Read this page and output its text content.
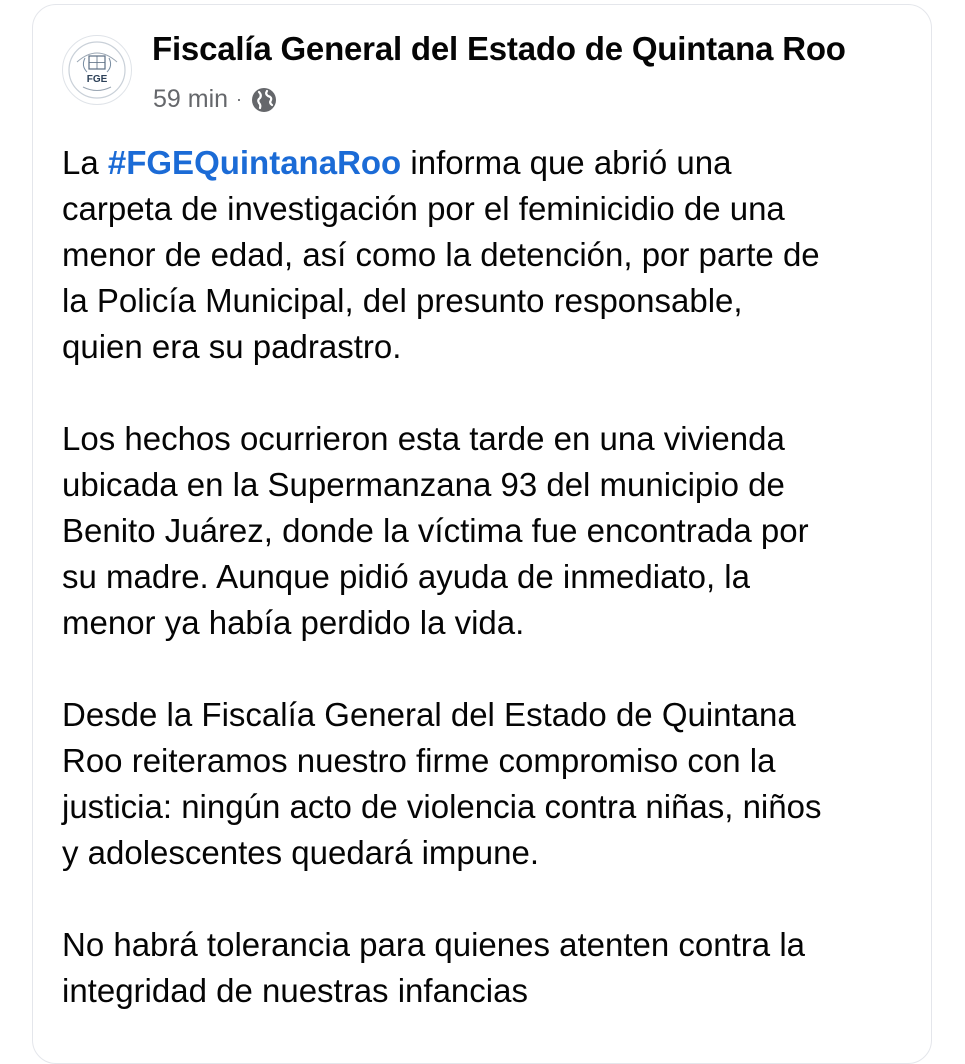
FGE
Fiscalía General del Estado de Quintana Roo
59 min ·

La #FGEQuintanaRoo informa que abrió una
carpeta de investigación por el feminicidio de una
menor de edad, así como la detención, por parte de
la Policía Municipal, del presunto responsable,
quien era su padrastro.

Los hechos ocurrieron esta tarde en una vivienda
ubicada en la Supermanzana 93 del municipio de
Benito Juárez, donde la víctima fue encontrada por
su madre. Aunque pidió ayuda de inmediato, la
menor ya había perdido la vida.

Desde la Fiscalía General del Estado de Quintana
Roo reiteramos nuestro firme compromiso con la
justicia: ningún acto de violencia contra niñas, niños
y adolescentes quedará impune.

No habrá tolerancia para quienes atenten contra la
integridad de nuestras infancias
